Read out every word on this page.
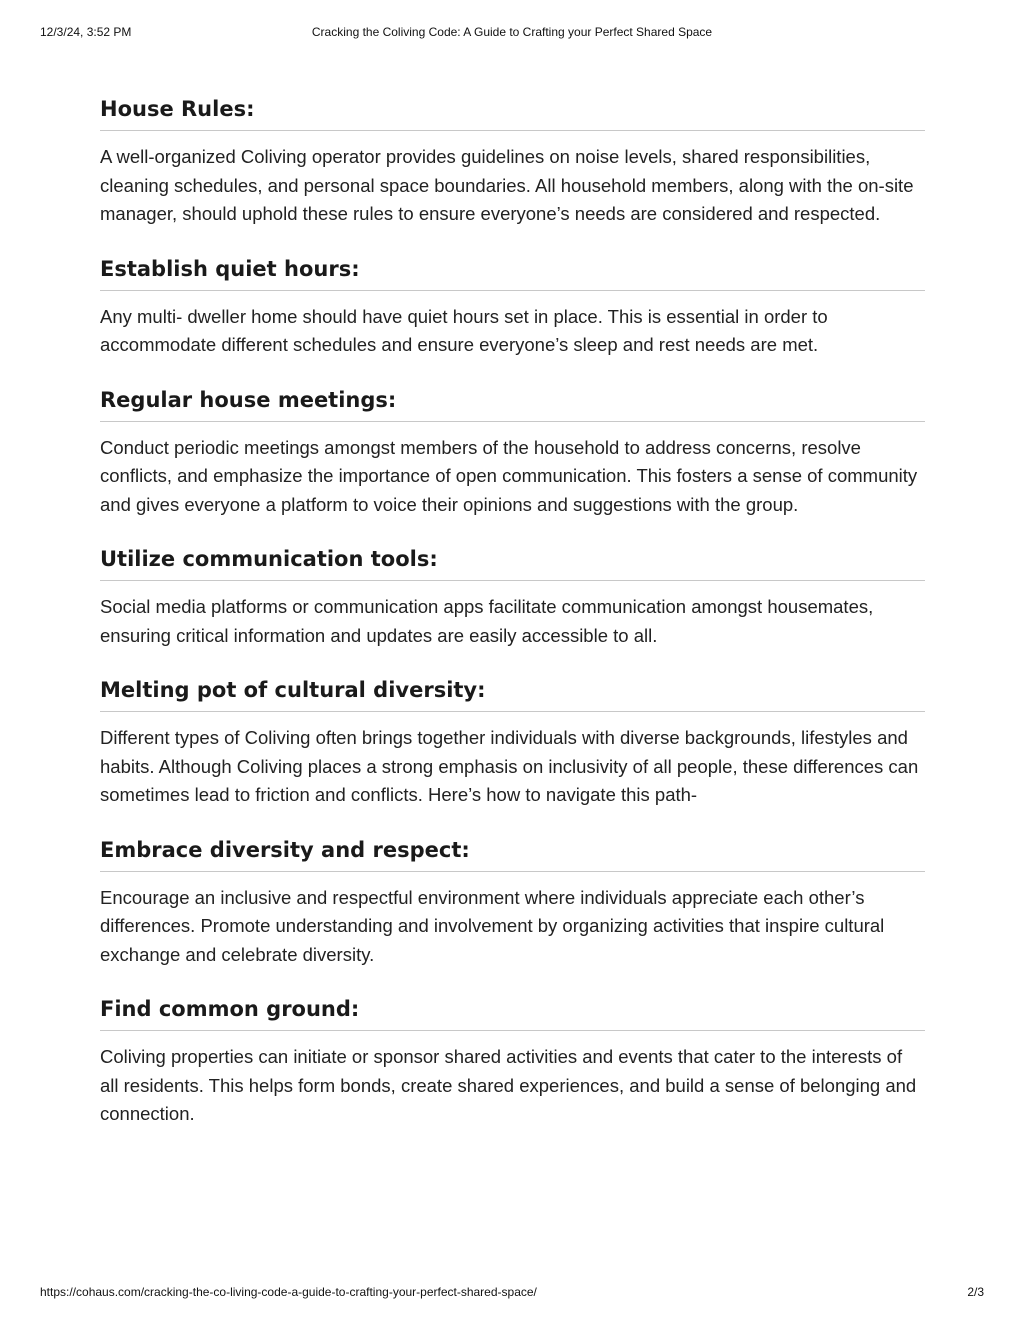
12/3/24, 3:52 PM	Cracking the Coliving Code: A Guide to Crafting your Perfect Shared Space
House Rules:

A well-organized Coliving operator provides guidelines on noise levels, shared responsibilities, cleaning schedules, and personal space boundaries. All household members, along with the on-site manager, should uphold these rules to ensure everyone’s needs are considered and respected.

Establish quiet hours:

Any multi- dweller home should have quiet hours set in place. This is essential in order to accommodate different schedules and ensure everyone’s sleep and rest needs are met.

Regular house meetings:

Conduct periodic meetings amongst members of the household to address concerns, resolve conflicts, and emphasize the importance of open communication. This fosters a sense of community and gives everyone a platform to voice their opinions and suggestions with the group.

Utilize communication tools:

Social media platforms or communication apps facilitate communication amongst housemates, ensuring critical information and updates are easily accessible to all.

Melting pot of cultural diversity:

Different types of Coliving often brings together individuals with diverse backgrounds, lifestyles and habits. Although Coliving places a strong emphasis on inclusivity of all people, these differences can sometimes lead to friction and conflicts. Here’s how to navigate this path-

Embrace diversity and respect:

Encourage an inclusive and respectful environment where individuals appreciate each other’s differences. Promote understanding and involvement by organizing activities that inspire cultural exchange and celebrate diversity.

Find common ground:

Coliving properties can initiate or sponsor shared activities and events that cater to the interests of all residents. This helps form bonds, create shared experiences, and build a sense of belonging and connection.

https://cohaus.com/cracking-the-co-living-code-a-guide-to-crafting-your-perfect-shared-space/	2/3
